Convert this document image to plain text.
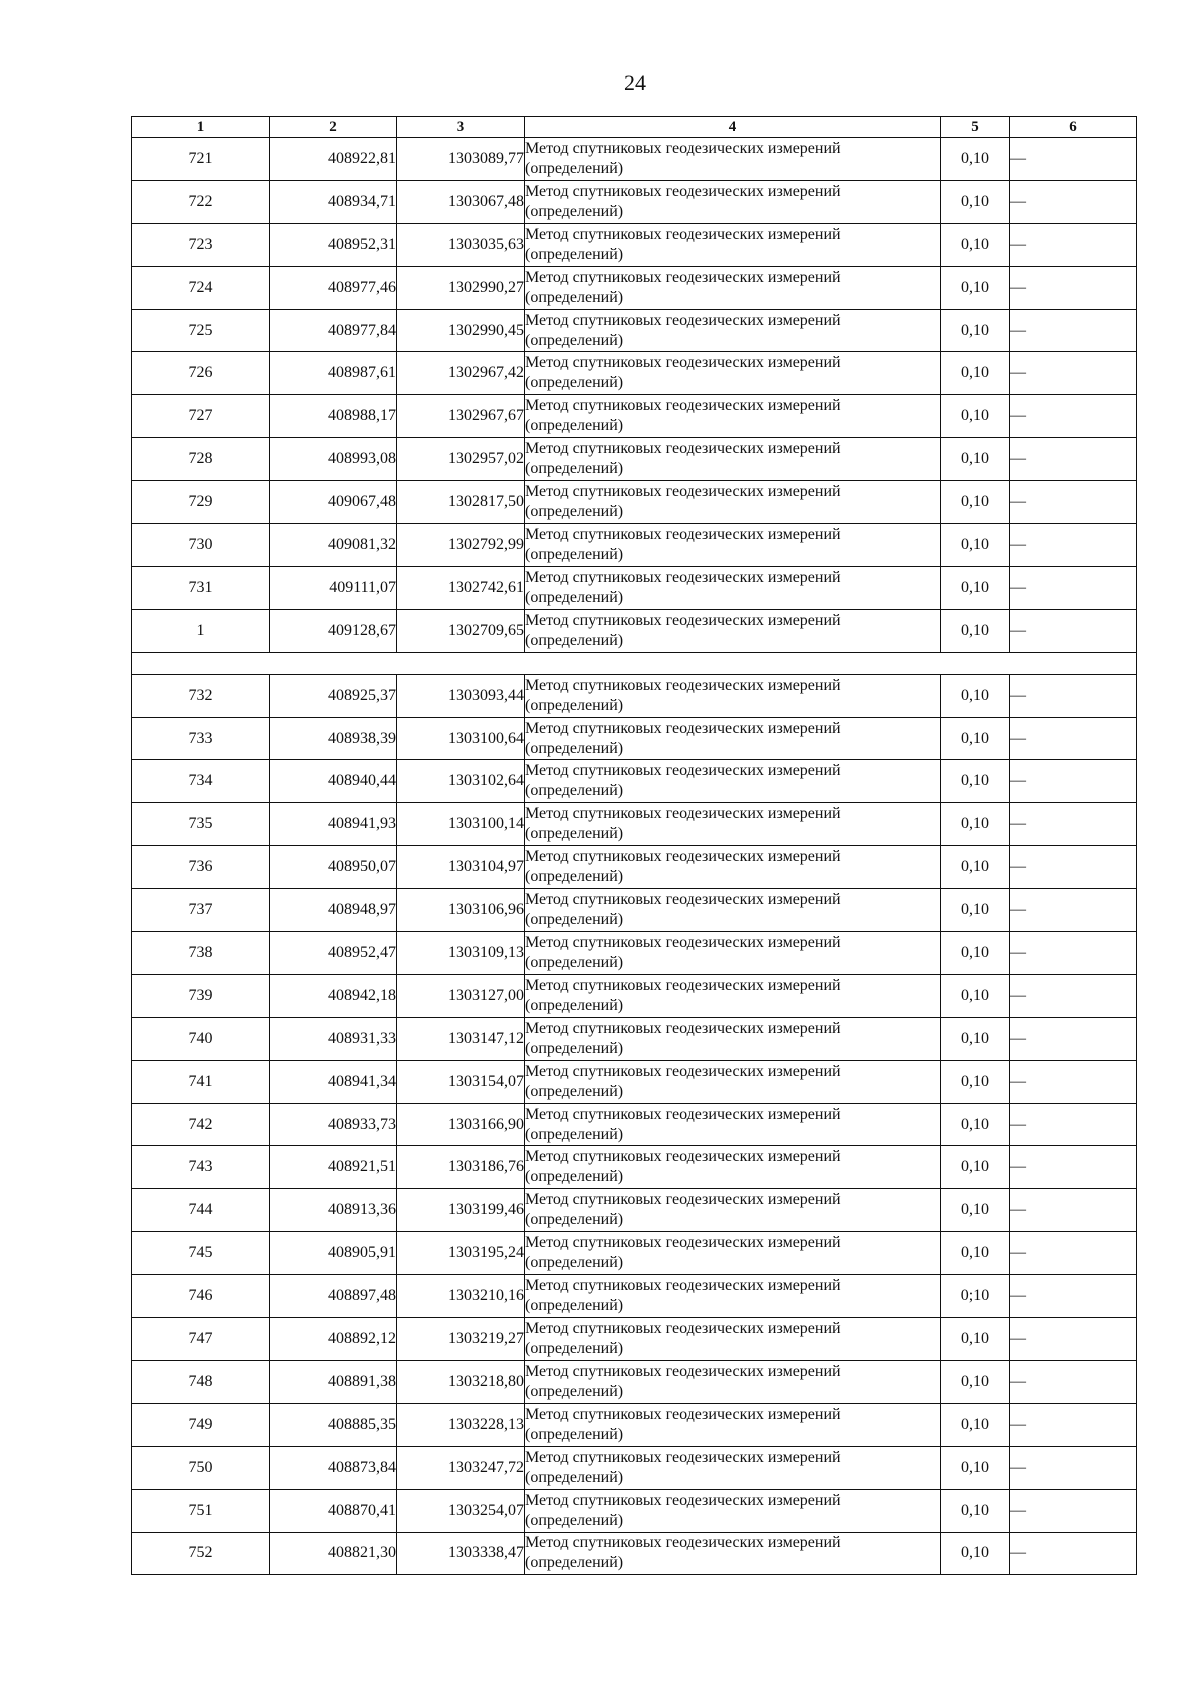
24
1	2	3	4	5	6
721	408922,81	1303089,77	Метод спутниковых геодезических измерений
(определений)	0,10	—
722	408934,71	1303067,48	Метод спутниковых геодезических измерений
(определений)	0,10	—
723	408952,31	1303035,63	Метод спутниковых геодезических измерений
(определений)	0,10	—
724	408977,46	1302990,27	Метод спутниковых геодезических измерений
(определений)	0,10	—
725	408977,84	1302990,45	Метод спутниковых геодезических измерений
(определений)	0,10	—
726	408987,61	1302967,42	Метод спутниковых геодезических измерений
(определений)	0,10	—
727	408988,17	1302967,67	Метод спутниковых геодезических измерений
(определений)	0,10	—
728	408993,08	1302957,02	Метод спутниковых геодезических измерений
(определений)	0,10	—
729	409067,48	1302817,50	Метод спутниковых геодезических измерений
(определений)	0,10	—
730	409081,32	1302792,99	Метод спутниковых геодезических измерений
(определений)	0,10	—
731	409111,07	1302742,61	Метод спутниковых геодезических измерений
(определений)	0,10	—
1	409128,67	1302709,65	Метод спутниковых геодезических измерений
(определений)	0,10	—

732	408925,37	1303093,44	Метод спутниковых геодезических измерений
(определений)	0,10	—
733	408938,39	1303100,64	Метод спутниковых геодезических измерений
(определений)	0,10	—
734	408940,44	1303102,64	Метод спутниковых геодезических измерений
(определений)	0,10	—
735	408941,93	1303100,14	Метод спутниковых геодезических измерений
(определений)	0,10	—
736	408950,07	1303104,97	Метод спутниковых геодезических измерений
(определений)	0,10	—
737	408948,97	1303106,96	Метод спутниковых геодезических измерений
(определений)	0,10	—
738	408952,47	1303109,13	Метод спутниковых геодезических измерений
(определений)	0,10	—
739	408942,18	1303127,00	Метод спутниковых геодезических измерений
(определений)	0,10	—
740	408931,33	1303147,12	Метод спутниковых геодезических измерений
(определений)	0,10	—
741	408941,34	1303154,07	Метод спутниковых геодезических измерений
(определений)	0,10	—
742	408933,73	1303166,90	Метод спутниковых геодезических измерений
(определений)	0,10	—
743	408921,51	1303186,76	Метод спутниковых геодезических измерений
(определений)	0,10	—
744	408913,36	1303199,46	Метод спутниковых геодезических измерений
(определений)	0,10	—
745	408905,91	1303195,24	Метод спутниковых геодезических измерений
(определений)	0,10	—
746	408897,48	1303210,16	Метод спутниковых геодезических измерений
(определений)	0;10	—
747	408892,12	1303219,27	Метод спутниковых геодезических измерений
(определений)	0,10	—
748	408891,38	1303218,80	Метод спутниковых геодезических измерений
(определений)	0,10	—
749	408885,35	1303228,13	Метод спутниковых геодезических измерений
(определений)	0,10	—
750	408873,84	1303247,72	Метод спутниковых геодезических измерений
(определений)	0,10	—
751	408870,41	1303254,07	Метод спутниковых геодезических измерений
(определений)	0,10	—
752	408821,30	1303338,47	Метод спутниковых геодезических измерений
(определений)	0,10	—
